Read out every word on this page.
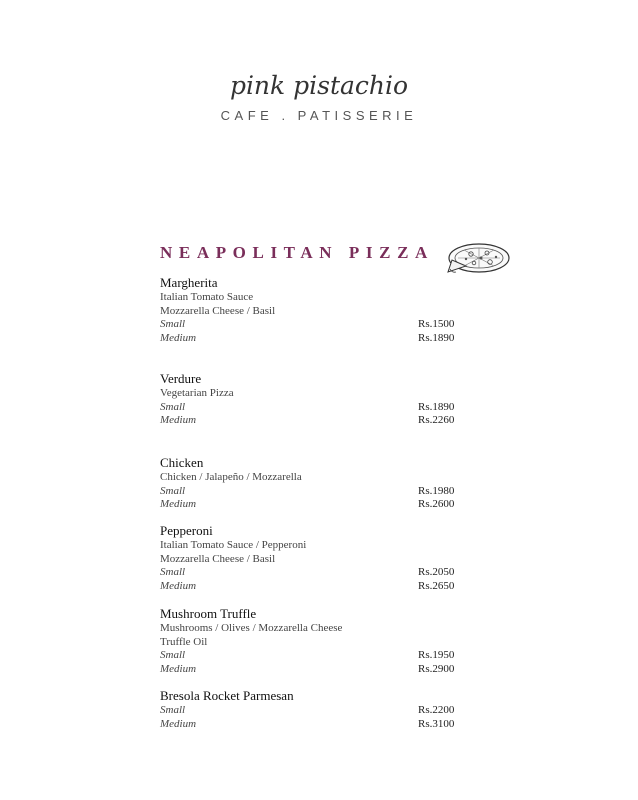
pink pistachio
CAFE . PATISSERIE
NEAPOLITAN PIZZA
Margherita
Italian Tomato Sauce
Mozzarella Cheese / Basil
Small	Rs.1500
Medium	Rs.1890
Verdure
Vegetarian Pizza
Small	Rs.1890
Medium	Rs.2260
Chicken
Chicken / Jalapeño / Mozzarella
Small	Rs.1980
Medium	Rs.2600
Pepperoni
Italian Tomato Sauce / Pepperoni
Mozzarella Cheese / Basil
Small	Rs.2050
Medium	Rs.2650
Mushroom Truffle
Mushrooms / Olives / Mozzarella Cheese
Truffle Oil
Small	Rs.1950
Medium	Rs.2900
Bresola Rocket Parmesan
Small	Rs.2200
Medium	Rs.3100
